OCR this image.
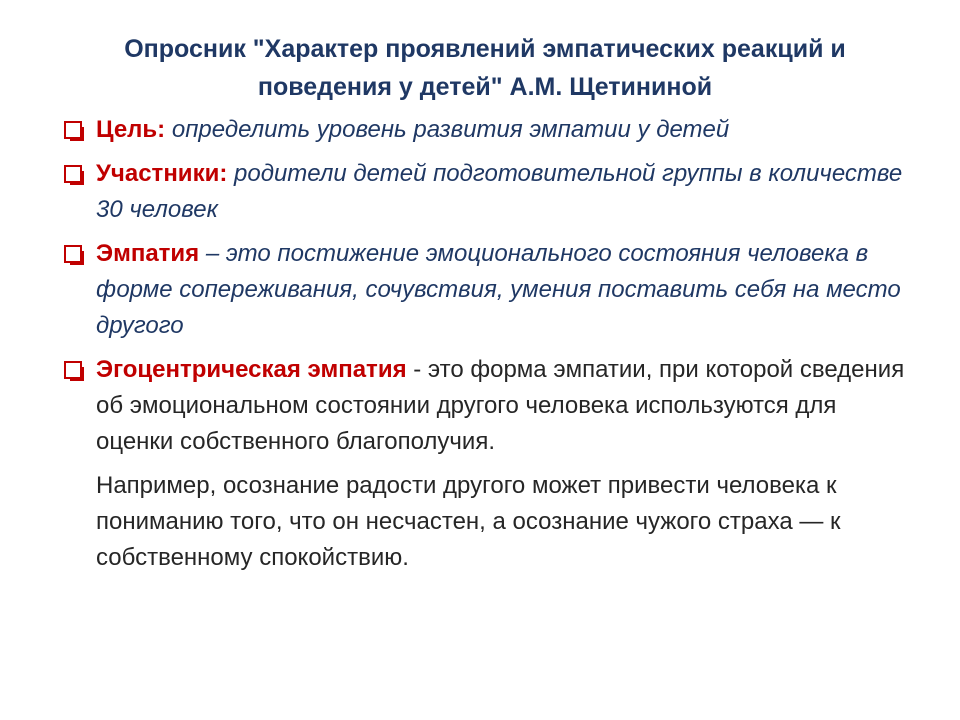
Опросник "Характер проявлений эмпатических реакций и
поведения у детей" А.М. Щетининой
Цель: определить уровень развития эмпатии у детей
Участники: родители детей подготовительной группы в количестве 30 человек
Эмпатия – это постижение эмоционального состояния человека в форме сопереживания, сочувствия, умения поставить себя на место другого
Эгоцентрическая эмпатия - это форма эмпатии, при которой сведения об эмоциональном состоянии другого человека используются для оценки собственного благополучия.
Например, осознание радости другого может привести человека к пониманию того, что он несчастен, а осознание чужого страха — к собственному спокойствию.
